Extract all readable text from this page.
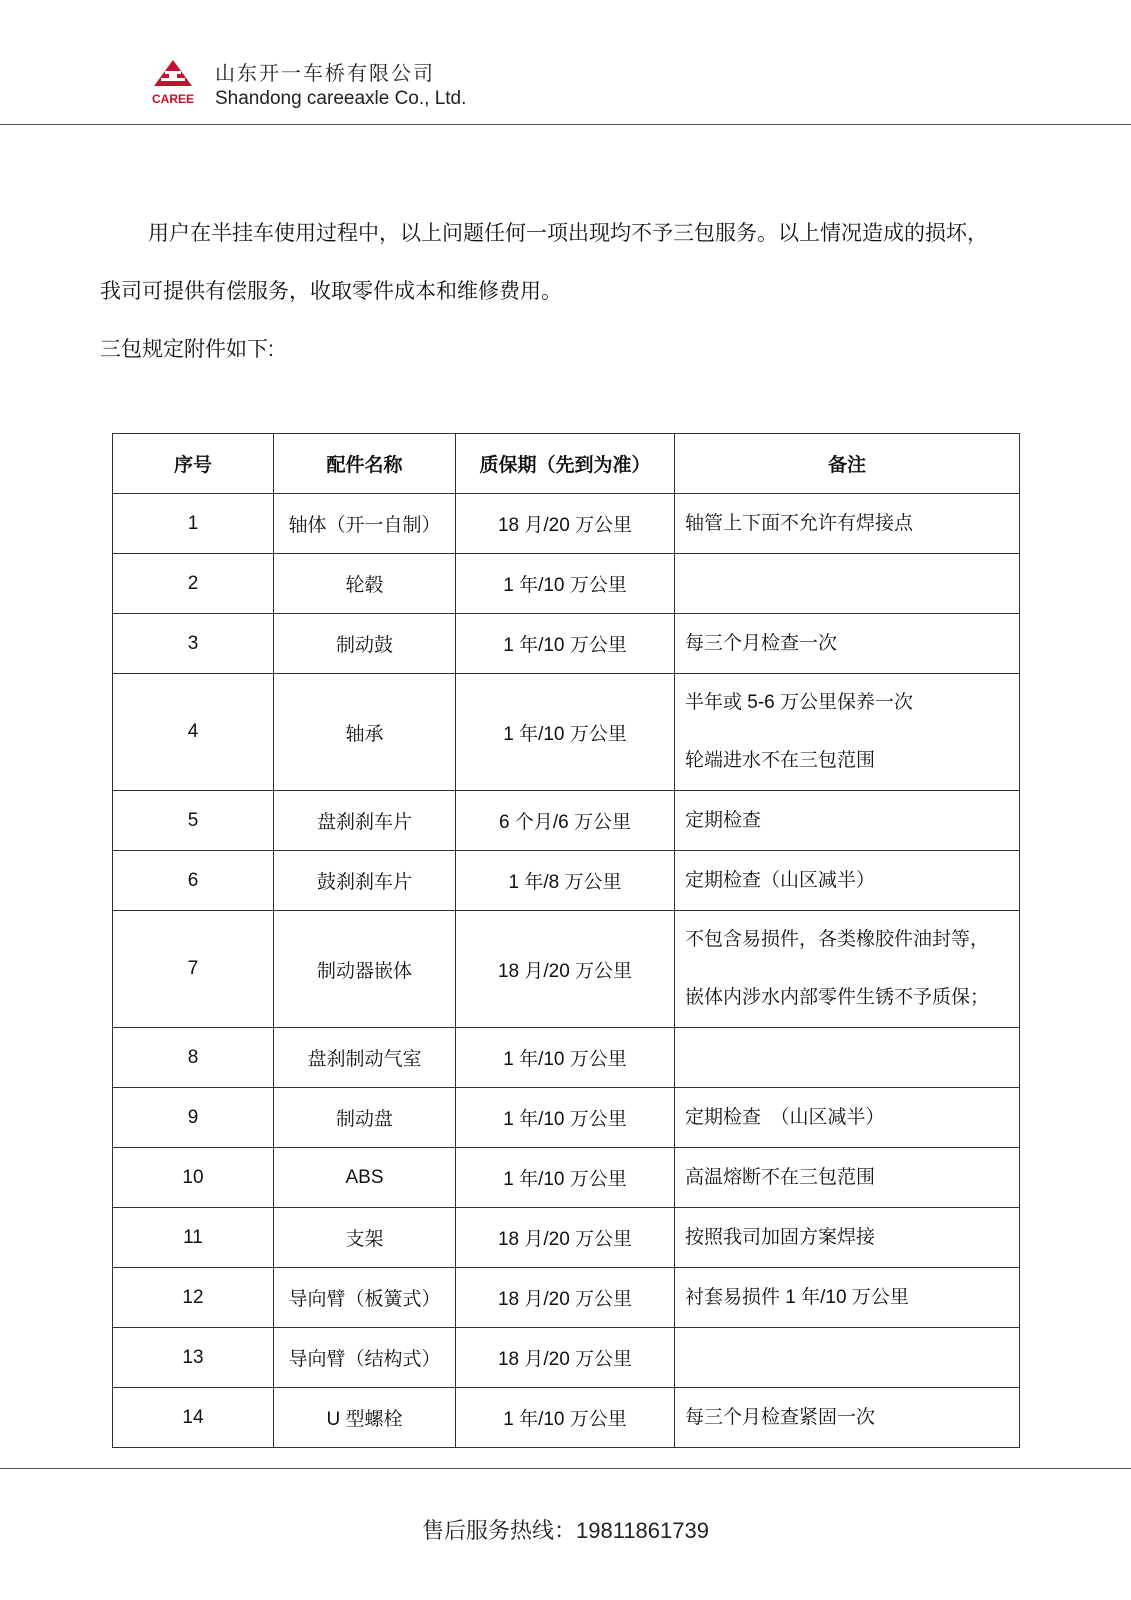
CAREE
山东开一车桥有限公司
Shandong careeaxle Co., Ltd.

用户在半挂车使用过程中，以上问题任何一项出现均不予三包服务。以上情况造成的损坏，

我司可提供有偿服务，收取零件成本和维修费用。

三包规定附件如下:

序号	配件名称	质保期（先到为准）	备注
1	轴体（开一自制）	18 月/20 万公里	轴管上下面不允许有焊接点

2	轮毂	1 年/10 万公里	
3	制动鼓	1 年/10 万公里	每三个月检查一次

4	轴承	1 年/10 万公里	半年或 5-6 万公里保养一次
轮端进水不在三包范围

5	盘刹刹车片	6 个月/6 万公里	定期检查

6	鼓刹刹车片	1 年/8 万公里	定期检查（山区减半）

7	制动器嵌体	18 月/20 万公里	不包含易损件，各类橡胶件油封等，
嵌体内涉水内部零件生锈不予质保；

8	盘刹制动气室	1 年/10 万公里	
9	制动盘	1 年/10 万公里	定期检查　（山区减半）

10	ABS	1 年/10 万公里	高温熔断不在三包范围

11	支架	18 月/20 万公里	按照我司加固方案焊接

12	导向臂（板簧式）	18 月/20 万公里	衬套易损件 1 年/10 万公里

13	导向臂（结构式）	18 月/20 万公里	
14	U 型螺栓	1 年/10 万公里	每三个月检查紧固一次
售后服务热线：19811861739
